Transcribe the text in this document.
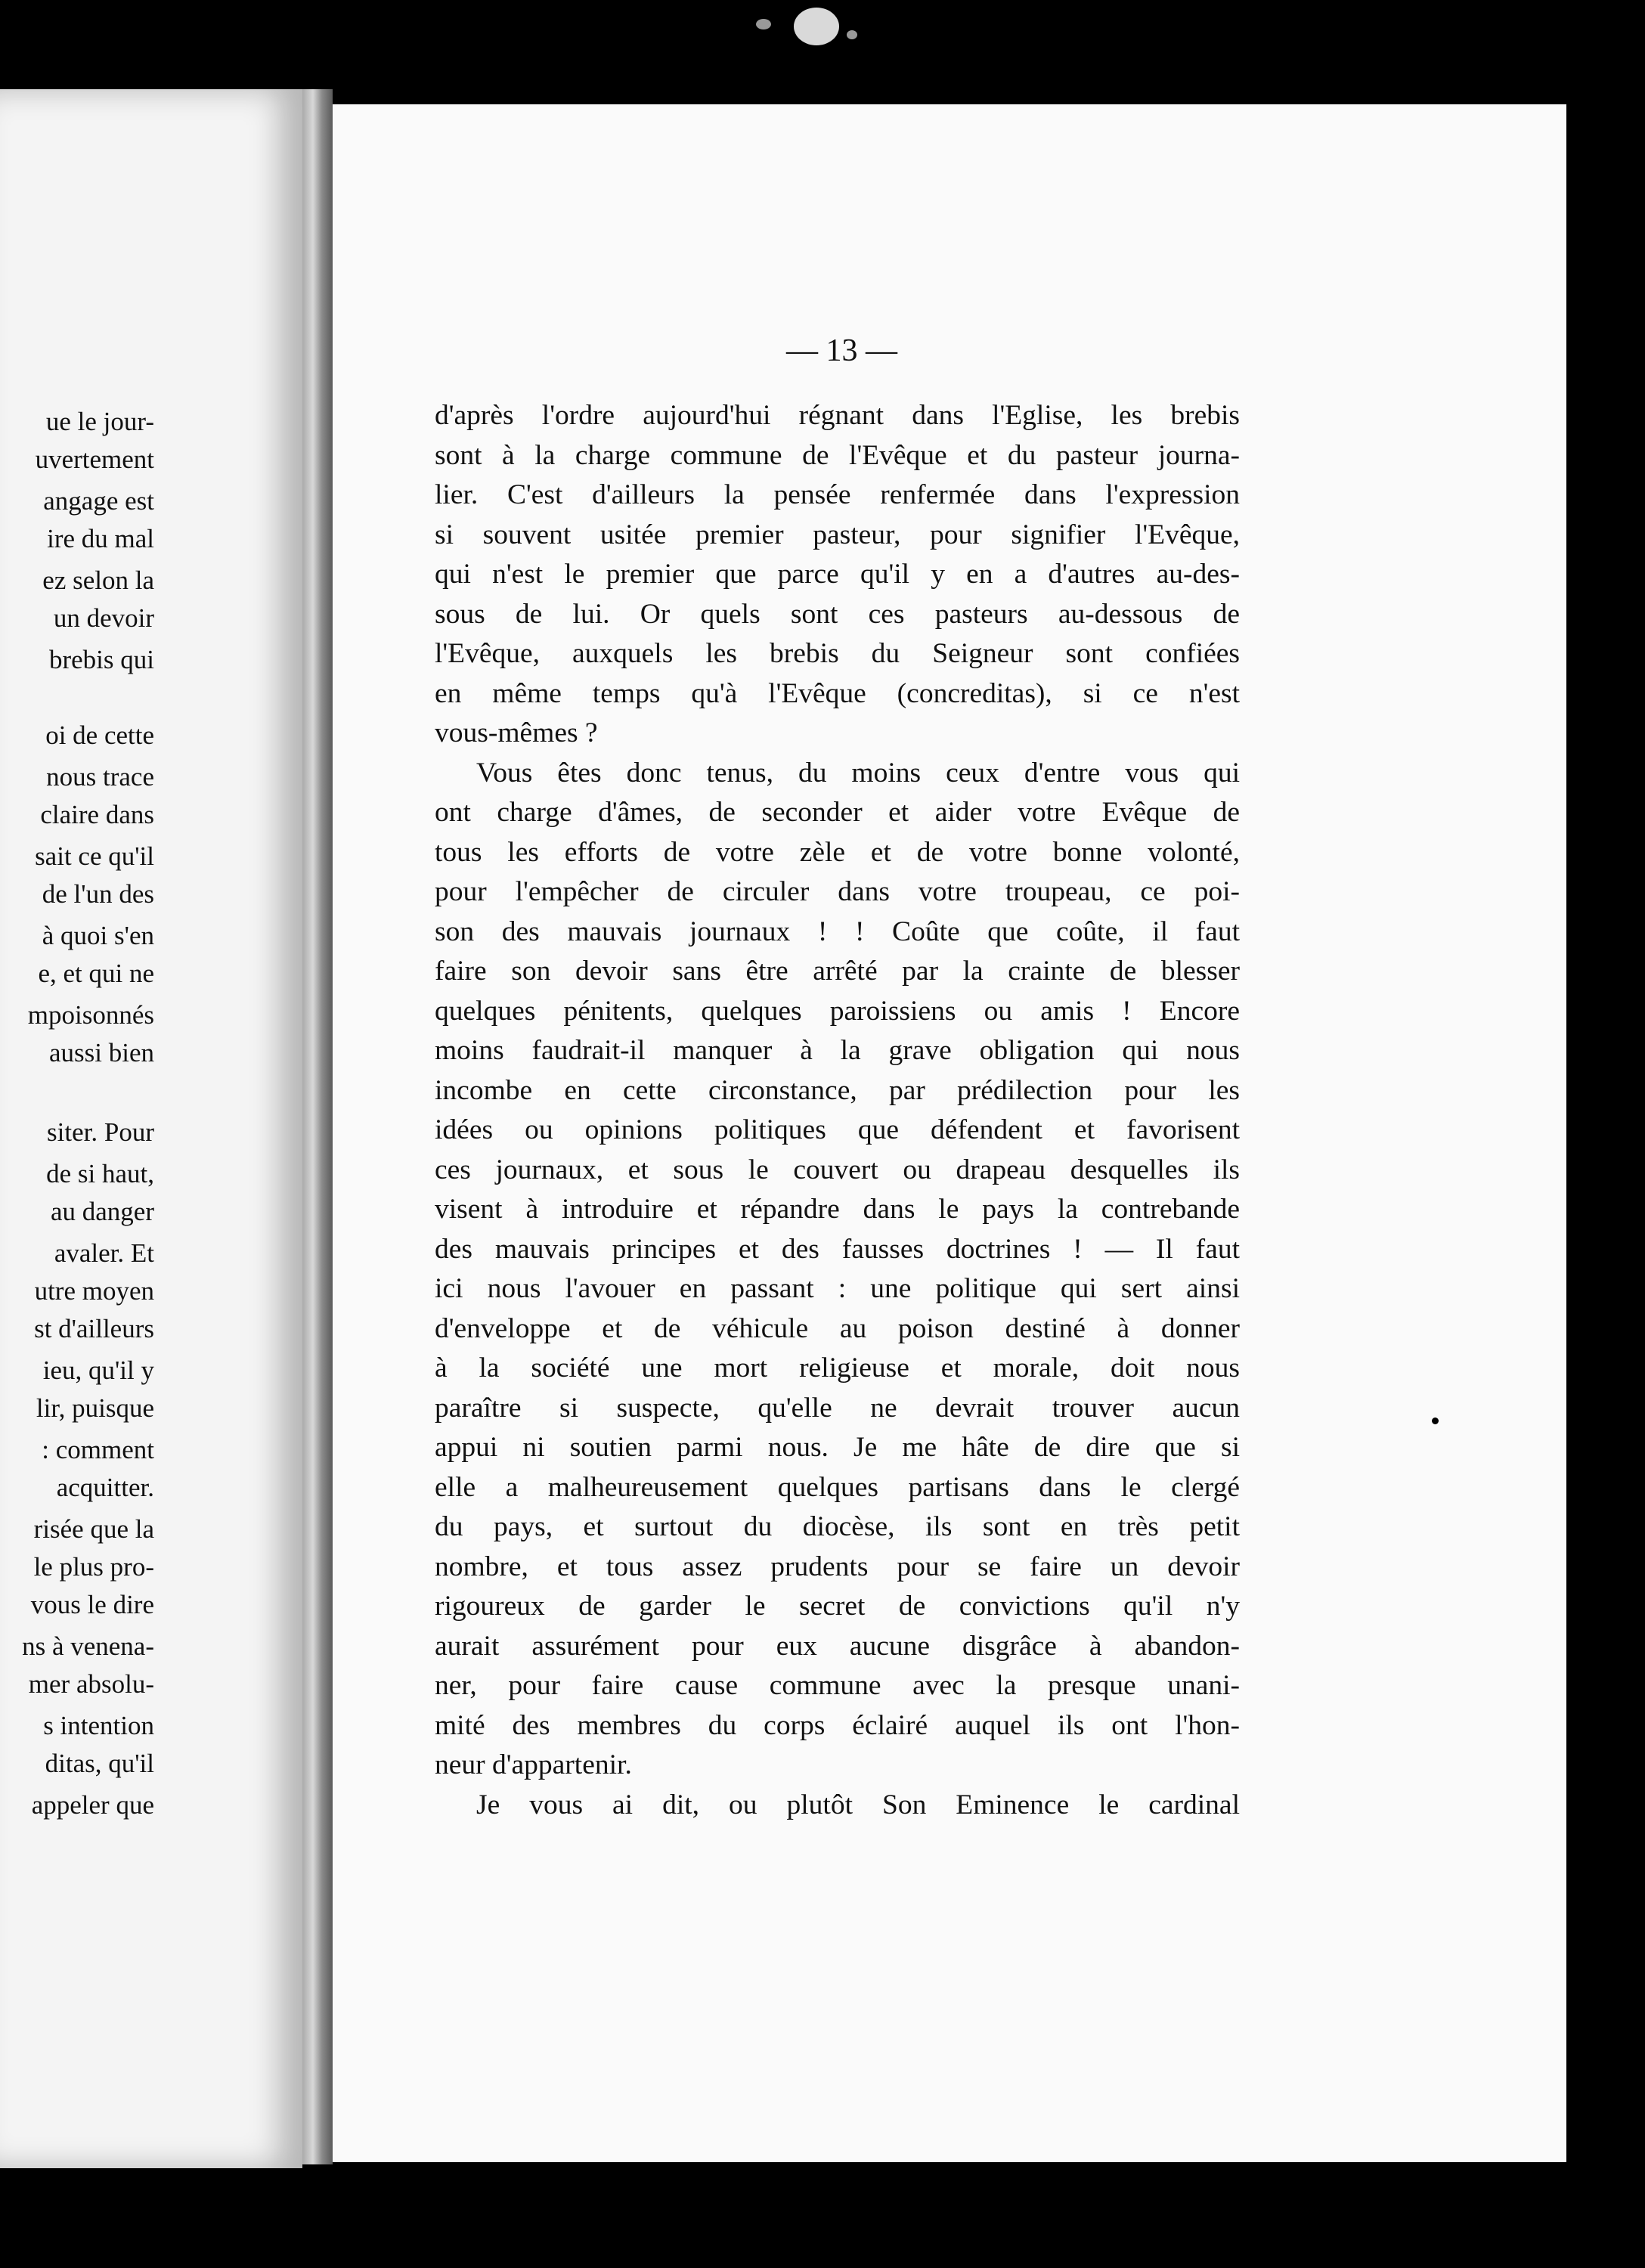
ue le jour-
uvertement
angage est
ire du mal
ez selon la
un devoir
brebis qui
oi de cette
nous trace
claire dans
sait ce qu'il
de l'un des
à quoi s'en
e, et qui ne
mpoisonnés
aussi bien
siter. Pour
de si haut,
au danger
avaler. Et
utre moyen
st d'ailleurs
ieu, qu'il y
lir, puisque
: comment
acquitter.
risée que la
le plus pro-
vous le dire
ns à venena-
mer absolu-
s intention
ditas, qu'il
appeler que
— 13 —
d'après l'ordre aujourd'hui régnant dans l'Eglise, les brebis
sont à la charge commune de l'Evêque et du pasteur journa-
lier. C'est d'ailleurs la pensée renfermée dans l'expression
si souvent usitée premier pasteur, pour signifier l'Evêque,
qui n'est le premier que parce qu'il y en a d'autres au-des-
sous de lui. Or quels sont ces pasteurs au-dessous de
l'Evêque, auxquels les brebis du Seigneur sont confiées
en même temps qu'à l'Evêque (concreditas), si ce n'est
vous-mêmes ?
Vous êtes donc tenus, du moins ceux d'entre vous qui
ont charge d'âmes, de seconder et aider votre Evêque de
tous les efforts de votre zèle et de votre bonne volonté,
pour l'empêcher de circuler dans votre troupeau, ce poi-
son des mauvais journaux ! ! Coûte que coûte, il faut
faire son devoir sans être arrêté par la crainte de blesser
quelques pénitents, quelques paroissiens ou amis ! Encore
moins faudrait-il manquer à la grave obligation qui nous
incombe en cette circonstance, par prédilection pour les
idées ou opinions politiques que défendent et favorisent
ces journaux, et sous le couvert ou drapeau desquelles ils
visent à introduire et répandre dans le pays la contrebande
des mauvais principes et des fausses doctrines ! — Il faut
ici nous l'avouer en passant : une politique qui sert ainsi
d'enveloppe et de véhicule au poison destiné à donner
à la société une mort religieuse et morale, doit nous
paraître si suspecte, qu'elle ne devrait trouver aucun
appui ni soutien parmi nous. Je me hâte de dire que si
elle a malheureusement quelques partisans dans le clergé
du pays, et surtout du diocèse, ils sont en très petit
nombre, et tous assez prudents pour se faire un devoir
rigoureux de garder le secret de convictions qu'il n'y
aurait assurément pour eux aucune disgrâce à abandon-
ner, pour faire cause commune avec la presque unani-
mité des membres du corps éclairé auquel ils ont l'hon-
neur d'appartenir.
Je vous ai dit, ou plutôt Son Eminence le cardinal
